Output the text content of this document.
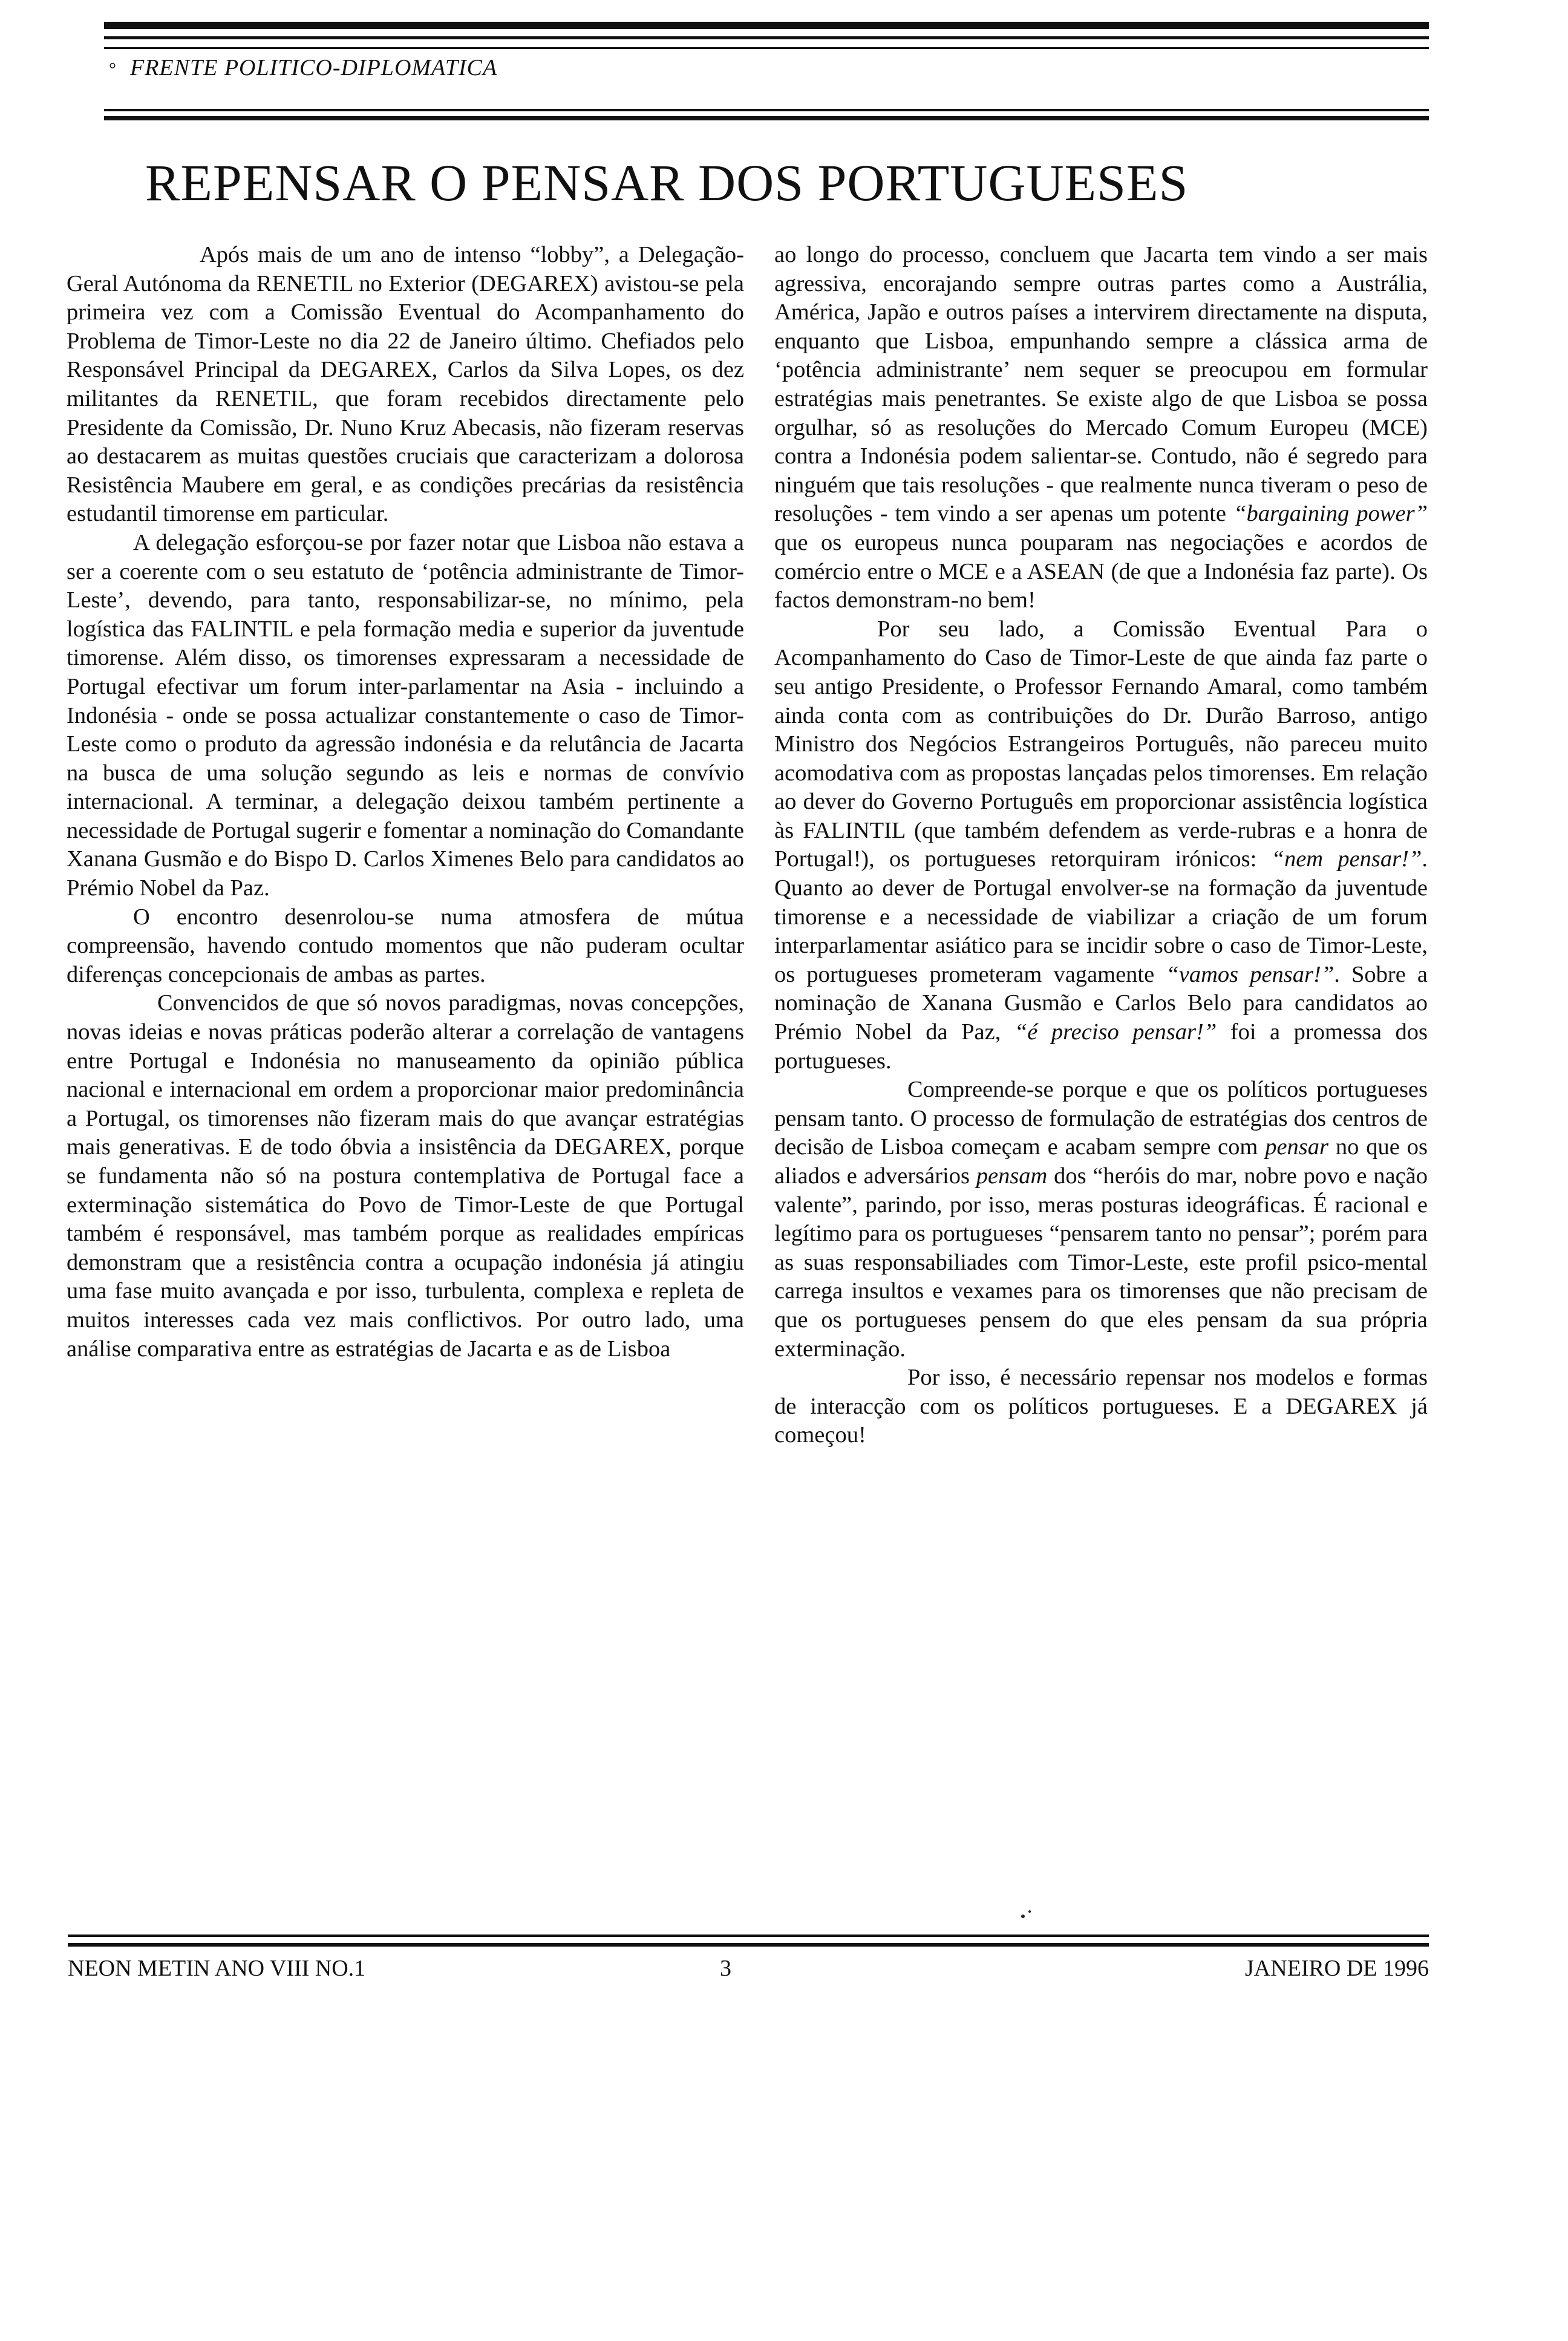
° FRENTE POLITICO-DIPLOMATICA
REPENSAR O PENSAR DOS PORTUGUESES

Após mais de um ano de intenso “lobby”, a Delegação-Geral Autónoma da RENETIL no Exterior (DEGAREX) avistou-se pela primeira vez com a Comissão Eventual do Acompanhamento do Problema de Timor-Leste no dia 22 de Janeiro último. Chefiados pelo Responsável Principal da DEGAREX, Carlos da Silva Lopes, os dez militantes da RENETIL, que foram recebidos directamente pelo Presidente da Comissão, Dr. Nuno Kruz Abecasis, não fizeram reservas ao destacarem as muitas questões cruciais que caracterizam a dolorosa Resistência Maubere em geral, e as condições precárias da resistência estudantil timorense em particular.

A delegação esforçou-se por fazer notar que Lisboa não estava a ser a coerente com o seu estatuto de ‘potência administrante de Timor-Leste’, devendo, para tanto, responsabilizar-se, no mínimo, pela logística das FALINTIL e pela formação media e superior da juventude timorense. Além disso, os timorenses expressaram a necessidade de Portugal efectivar um forum inter-parlamentar na Asia - incluindo a Indonésia - onde se possa actualizar constantemente o caso de Timor-Leste como o produto da agressão indonésia e da relutância de Jacarta na busca de uma solução segundo as leis e normas de convívio internacional. A terminar, a delegação deixou também pertinente a necessidade de Portugal sugerir e fomentar a nominação do Comandante Xanana Gusmão e do Bispo D. Carlos Ximenes Belo para candidatos ao Prémio Nobel da Paz.

O encontro desenrolou-se numa atmosfera de mútua compreensão, havendo contudo momentos que não puderam ocultar diferenças concepcionais de ambas as partes.

Convencidos de que só novos paradigmas, novas concepções, novas ideias e novas práticas poderão alterar a correlação de vantagens entre Portugal e Indonésia no manuseamento da opinião pública nacional e internacional em ordem a proporcionar maior predominância a Portugal, os timorenses não fizeram mais do que avançar estratégias mais generativas. E de todo óbvia a insistência da DEGAREX, porque se fundamenta não só na postura contemplativa de Portugal face a exterminação sistemática do Povo de Timor-Leste de que Portugal também é responsável, mas também porque as realidades empíricas demonstram que a resistência contra a ocupação indonésia já atingiu uma fase muito avançada e por isso, turbulenta, complexa e repleta de muitos interesses cada vez mais conflictivos. Por outro lado, uma análise comparativa entre as estratégias de Jacarta e as de Lisboa

ao longo do processo, concluem que Jacarta tem vindo a ser mais agressiva, encorajando sempre outras partes como a Austrália, América, Japão e outros países a intervirem directamente na disputa, enquanto que Lisboa, empunhando sempre a clássica arma de ‘potência administrante’ nem sequer se preocupou em formular estratégias mais penetrantes. Se existe algo de que Lisboa se possa orgulhar, só as resoluções do Mercado Comum Europeu (MCE) contra a Indonésia podem salientar-se. Contudo, não é segredo para ninguém que tais resoluções - que realmente nunca tiveram o peso de resoluções - tem vindo a ser apenas um potente “bargaining power” que os europeus nunca pouparam nas negociações e acordos de comércio entre o MCE e a ASEAN (de que a Indonésia faz parte). Os factos demonstram-no bem!

Por seu lado, a Comissão Eventual Para o Acompanhamento do Caso de Timor-Leste de que ainda faz parte o seu antigo Presidente, o Professor Fernando Amaral, como também ainda conta com as contribuições do Dr. Durão Barroso, antigo Ministro dos Negócios Estrangeiros Português, não pareceu muito acomodativa com as propostas lançadas pelos timorenses. Em relação ao dever do Governo Português em proporcionar assistência logística às FALINTIL (que também defendem as verde-rubras e a honra de Portugal!), os portugueses retorquiram irónicos: “nem pensar!”. Quanto ao dever de Portugal envolver-se na formação da juventude timorense e a necessidade de viabilizar a criação de um forum interparlamentar asiático para se incidir sobre o caso de Timor-Leste, os portugueses prometeram vagamente “vamos pensar!”. Sobre a nominação de Xanana Gusmão e Carlos Belo para candidatos ao Prémio Nobel da Paz, “é preciso pensar!” foi a promessa dos portugueses.

Compreende-se porque e que os políticos portugueses pensam tanto. O processo de formulação de estratégias dos centros de decisão de Lisboa começam e acabam sempre com pensar no que os aliados e adversários pensam dos “heróis do mar, nobre povo e nação valente”, parindo, por isso, meras posturas ideográficas. É racional e legítimo para os portugueses “pensarem tanto no pensar”; porém para as suas responsabiliades com Timor-Leste, este profil psico-mental carrega insultos e vexames para os timorenses que não precisam de que os portugueses pensem do que eles pensam da sua própria exterminação.

Por isso, é necessário repensar nos modelos e formas de interacção com os políticos portugueses. E a DEGAREX já começou!

NEON METIN ANO VIII NO.1	3	JANEIRO DE 1996
